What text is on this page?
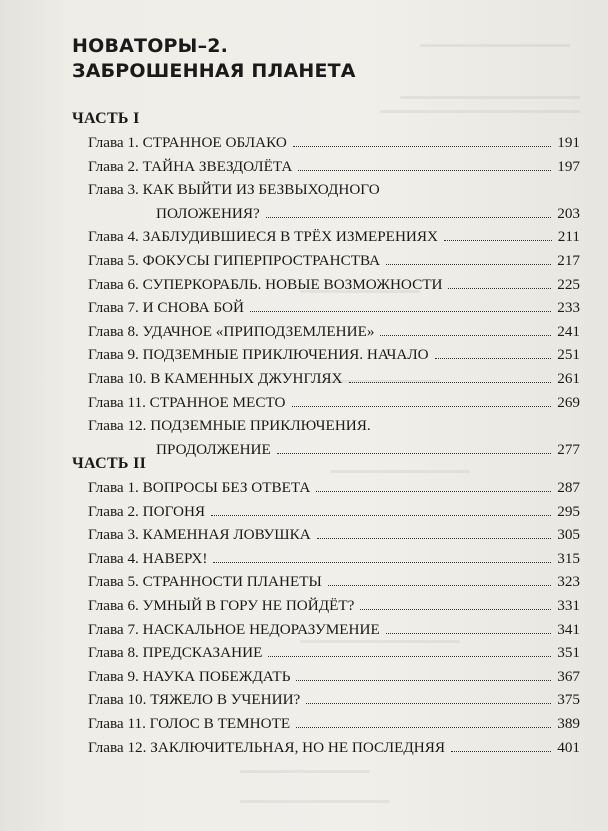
НОВАТОРЫ–2.
ЗАБРОШЕННАЯ ПЛАНЕТА
ЧАСТЬ I
Глава 1. СТРАННОЕ ОБЛАКО	191
Глава 2. ТАЙНА ЗВЕЗДОЛЁТА	197
Глава 3. КАК ВЫЙТИ ИЗ БЕЗВЫХОДНОГО
ПОЛОЖЕНИЯ?	203
Глава 4. ЗАБЛУДИВШИЕСЯ В ТРЁХ ИЗМЕРЕНИЯХ	211
Глава 5. ФОКУСЫ ГИПЕРПРОСТРАНСТВА	217
Глава 6. СУПЕРКОРАБЛЬ. НОВЫЕ ВОЗМОЖНОСТИ	225
Глава 7. И СНОВА БОЙ	233
Глава 8. УДАЧНОЕ «ПРИПОДЗЕМЛЕНИЕ»	241
Глава 9. ПОДЗЕМНЫЕ ПРИКЛЮЧЕНИЯ. НАЧАЛО	251
Глава 10. В КАМЕННЫХ ДЖУНГЛЯХ	261
Глава 11. СТРАННОЕ МЕСТО	269
Глава 12. ПОДЗЕМНЫЕ ПРИКЛЮЧЕНИЯ.
ПРОДОЛЖЕНИЕ	277
ЧАСТЬ II
Глава 1. ВОПРОСЫ БЕЗ ОТВЕТА	287
Глава 2. ПОГОНЯ	295
Глава 3. КАМЕННАЯ ЛОВУШКА	305
Глава 4. НАВЕРХ!	315
Глава 5. СТРАННОСТИ ПЛАНЕТЫ	323
Глава 6. УМНЫЙ В ГОРУ НЕ ПОЙДЁТ?	331
Глава 7. НАСКАЛЬНОЕ НЕДОРАЗУМЕНИЕ	341
Глава 8. ПРЕДСКАЗАНИЕ	351
Глава 9. НАУКА ПОБЕЖДАТЬ	367
Глава 10. ТЯЖЕЛО В УЧЕНИИ?	375
Глава 11. ГОЛОС В ТЕМНОТЕ	389
Глава 12. ЗАКЛЮЧИТЕЛЬНАЯ, НО НЕ ПОСЛЕДНЯЯ	401
